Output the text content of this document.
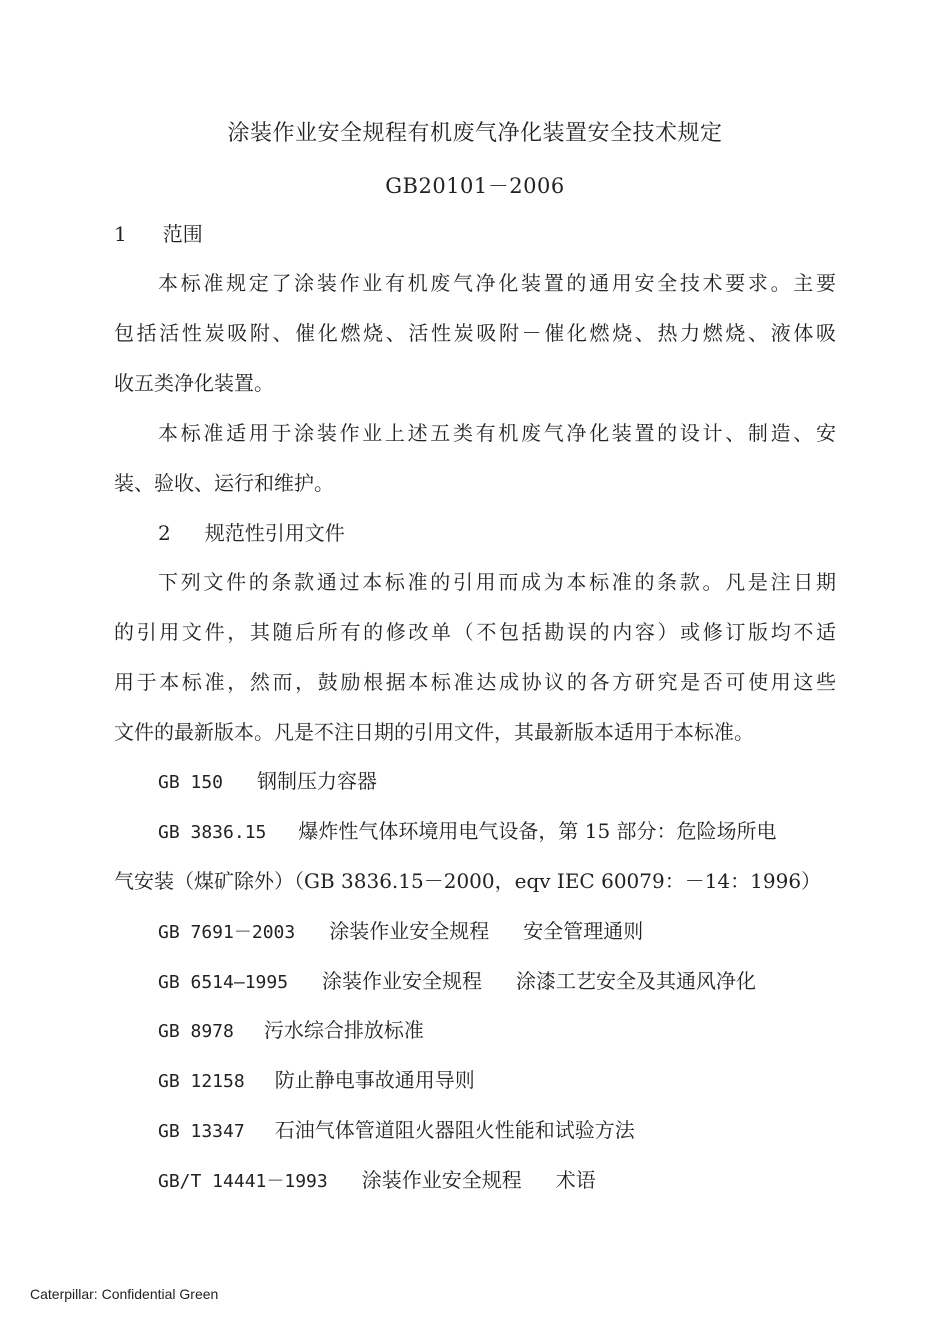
涂装作业安全规程有机废气净化装置安全技术规定
GB20101－2006
1 范围
本标准规定了涂装作业有机废气净化装置的通用安全技术要求。主要
包括活性炭吸附、催化燃烧、活性炭吸附－催化燃烧、热力燃烧、液体吸
收五类净化装置。
本标准适用于涂装作业上述五类有机废气净化装置的设计、制造、安
装、验收、运行和维护。
2 规范性引用文件
下列文件的条款通过本标准的引用而成为本标准的条款。凡是注日期
的引用文件，其随后所有的修改单（不包括勘误的内容）或修订版均不适
用于本标准，然而，鼓励根据本标准达成协议的各方研究是否可使用这些
文件的最新版本。凡是不注日期的引用文件，其最新版本适用于本标准。
GB 150 钢制压力容器
GB 3836.15 爆炸性气体环境用电气设备，第 15 部分：危险场所电
气安装（煤矿除外）（GB 3836.15－2000，eqv IEC 60079：－14：1996）
GB 7691－2003 涂装作业安全规程 安全管理通则
GB 6514—1995 涂装作业安全规程 涂漆工艺安全及其通风净化
GB 8978 污水综合排放标准
GB 12158 防止静电事故通用导则
GB 13347 石油气体管道阻火器阻火性能和试验方法
GB/T 14441－1993 涂装作业安全规程 术语
Caterpillar: Confidential Green
